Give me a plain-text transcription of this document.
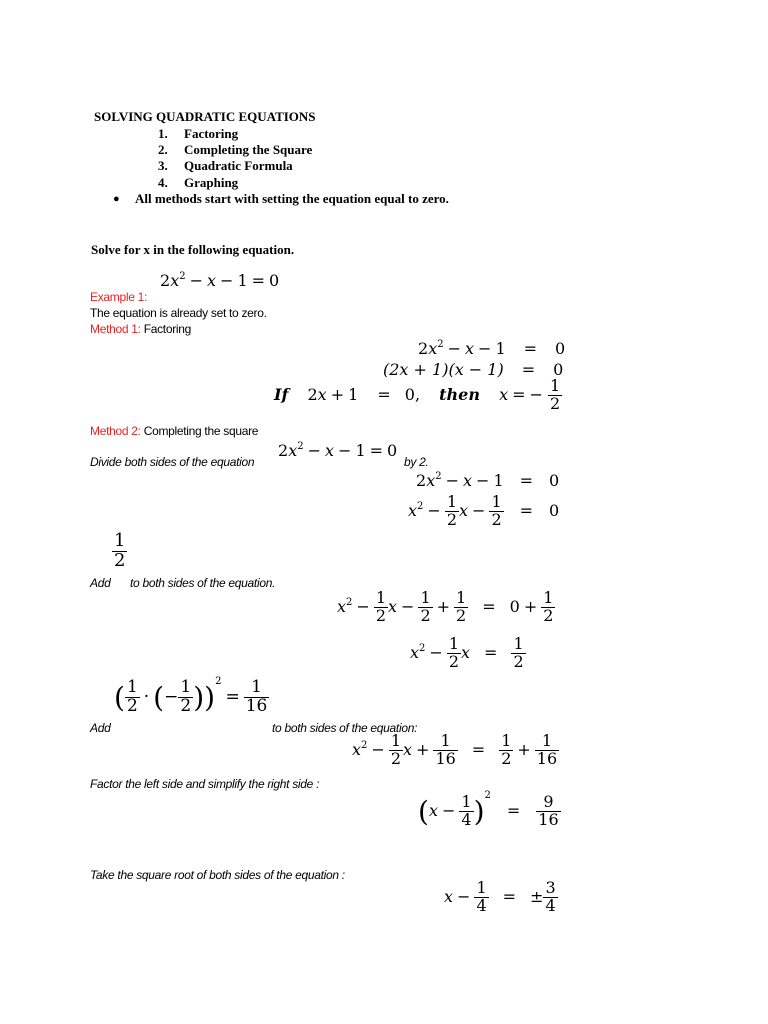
SOLVING QUADRATIC EQUATIONS
1. Factoring
2. Completing the Square
3. Quadratic Formula
4. Graphing
● All methods start with setting the equation equal to zero.
Solve for x in the following equation.
$2x^2 - x - 1 = 0$
Example 1:
The equation is already set to zero.
Method 1: Factoring
$2x^2 - x - 1 = 0$
(2x + 1)(x − 1) = 0
If 2x + 1 = 0, then x = − $\frac{1}{2}$
Method 2: Completing the square
$2x^2 - x - 1 = 0$
Divide both sides of the equation	by 2.
$2x^2 - x - 1 = 0$
$x^2 - \frac{1}{2}$ $x - \frac{1}{2} = 0$
$\frac{1}{2}$
Add to both sides of the equation.
$x^2 - \frac{1}{2}$ $x - \frac{1}{2} + \frac{1}{2} = 0 + \frac{1}{2}$
$x^2 - \frac{1}{2}$ $x = \frac{1}{2}$
( $\frac{1}{2}$ · (− $\frac{1}{2} ))^2= \frac{1}{16}$
Add	to both sides of the equation:
$x^2 - \frac{1}{2}$ $x + \frac{1}{16} = \frac{1}{2} + \frac{1}{16}$
Factor the left side and simplify the right side :
$(x - \frac{1}{4} )^2= \frac{9}{16}$
Take the square root of both sides of the equation :
$x - \frac{1}{4}$ = ± $\frac{3}{4}$
